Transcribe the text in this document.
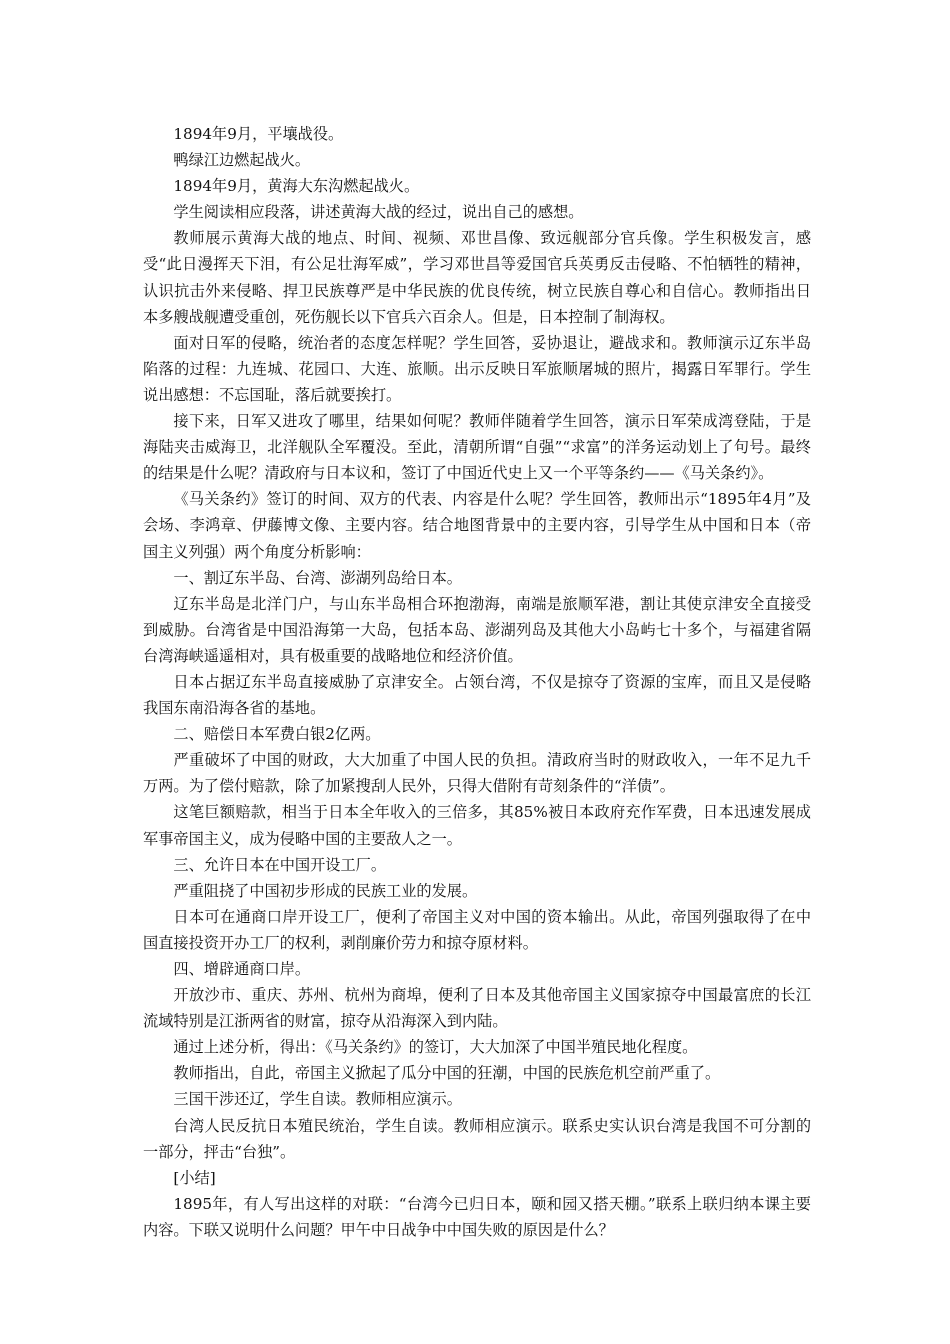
1894年9月，平壤战役。

鸭绿江边燃起战火。

1894年9月，黄海大东沟燃起战火。

学生阅读相应段落，讲述黄海大战的经过，说出自己的感想。

教师展示黄海大战的地点、时间、视频、邓世昌像、致远舰部分官兵像。学生积极发言，感受“此日漫挥天下泪，有公足壮海军威”，学习邓世昌等爱国官兵英勇反击侵略、不怕牺牲的精神，认识抗击外来侵略、捍卫民族尊严是中华民族的优良传统，树立民族自尊心和自信心。教师指出日本多艘战舰遭受重创，死伤舰长以下官兵六百余人。但是，日本控制了制海权。

面对日军的侵略，统治者的态度怎样呢？学生回答，妥协退让，避战求和。教师演示辽东半岛陷落的过程：九连城、花园口、大连、旅顺。出示反映日军旅顺屠城的照片，揭露日军罪行。学生说出感想：不忘国耻，落后就要挨打。

接下来，日军又进攻了哪里，结果如何呢？教师伴随着学生回答，演示日军荣成湾登陆，于是海陆夹击威海卫，北洋舰队全军覆没。至此，清朝所谓“自强”“求富”的洋务运动划上了句号。最终的结果是什么呢？清政府与日本议和，签订了中国近代史上又一个平等条约——《马关条约》。

《马关条约》签订的时间、双方的代表、内容是什么呢？学生回答，教师出示“1895年4月”及会场、李鸿章、伊藤博文像、主要内容。结合地图背景中的主要内容，引导学生从中国和日本（帝国主义列强）两个角度分析影响：

一、割辽东半岛、台湾、澎湖列岛给日本。

辽东半岛是北洋门户，与山东半岛相合环抱渤海，南端是旅顺军港，割让其使京津安全直接受到威胁。台湾省是中国沿海第一大岛，包括本岛、澎湖列岛及其他大小岛屿七十多个，与福建省隔台湾海峡遥遥相对，具有极重要的战略地位和经济价值。

日本占据辽东半岛直接威胁了京津安全。占领台湾，不仅是掠夺了资源的宝库，而且又是侵略我国东南沿海各省的基地。

二、赔偿日本军费白银2亿两。

严重破坏了中国的财政，大大加重了中国人民的负担。清政府当时的财政收入，一年不足九千万两。为了偿付赔款，除了加紧搜刮人民外，只得大借附有苛刻条件的“洋债”。

这笔巨额赔款，相当于日本全年收入的三倍多，其85%被日本政府充作军费，日本迅速发展成军事帝国主义，成为侵略中国的主要敌人之一。

三、允许日本在中国开设工厂。

严重阻挠了中国初步形成的民族工业的发展。

日本可在通商口岸开设工厂，便利了帝国主义对中国的资本输出。从此，帝国列强取得了在中国直接投资开办工厂的权利，剥削廉价劳力和掠夺原材料。

四、增辟通商口岸。

开放沙市、重庆、苏州、杭州为商埠，便利了日本及其他帝国主义国家掠夺中国最富庶的长江流域特别是江浙两省的财富，掠夺从沿海深入到内陆。

通过上述分析，得出：《马关条约》的签订，大大加深了中国半殖民地化程度。

教师指出，自此，帝国主义掀起了瓜分中国的狂潮，中国的民族危机空前严重了。

三国干涉还辽，学生自读。教师相应演示。

台湾人民反抗日本殖民统治，学生自读。教师相应演示。联系史实认识台湾是我国不可分割的一部分，抨击“台独”。

[小结]

1895年，有人写出这样的对联：“台湾今已归日本，颐和园又搭天棚。”联系上联归纳本课主要内容。下联又说明什么问题？甲午中日战争中中国失败的原因是什么？
